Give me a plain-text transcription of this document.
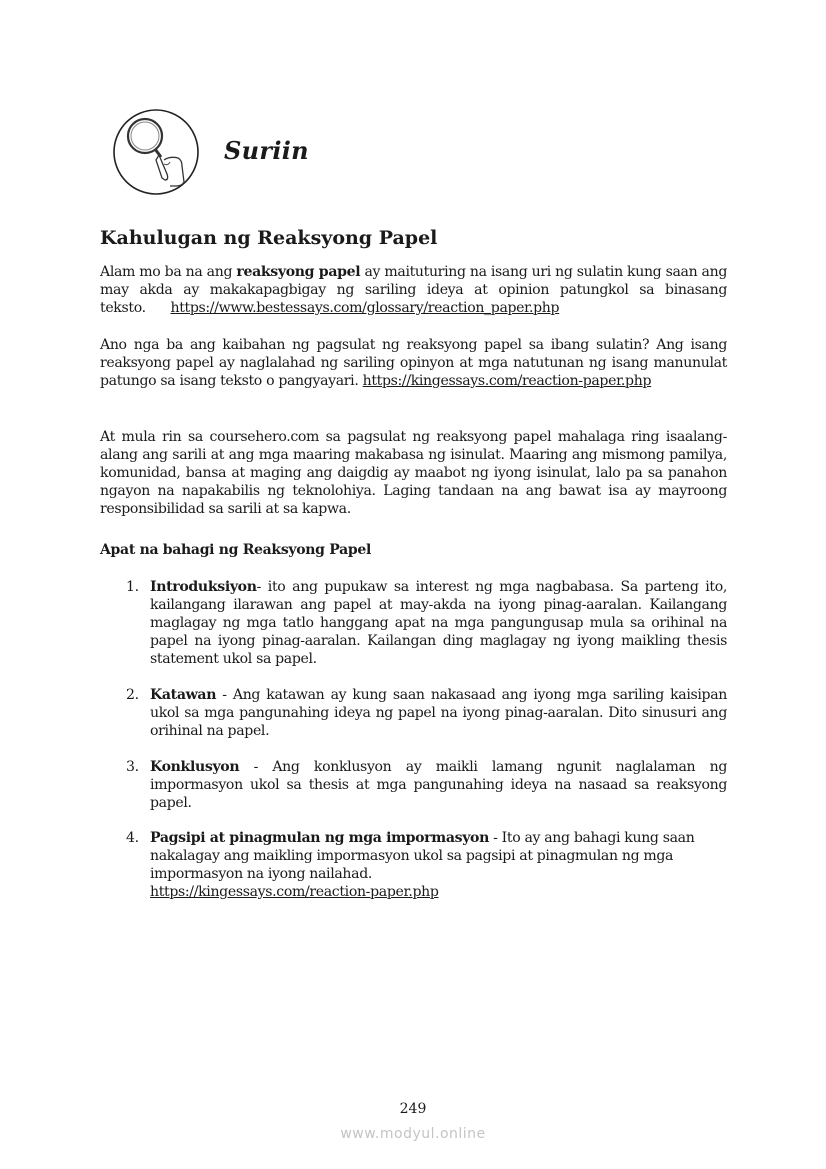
Suriin
Kahulugan ng Reaksyong Papel
Alam mo ba na ang reaksyong papel ay maituturing na isang uri ng sulatin kung saan ang may akda ay makakapagbigay ng sariling ideya at opinion patungkol sa binasang teksto. https://www.bestessays.com/glossary/reaction_paper.php
Ano nga ba ang kaibahan ng pagsulat ng reaksyong papel sa ibang sulatin? Ang isang reaksyong papel ay naglalahad ng sariling opinyon at mga natutunan ng isang manunulat patungo sa isang teksto o pangyayari. https://kingessays.com/reaction-paper.php
At mula rin sa coursehero.com sa pagsulat ng reaksyong papel mahalaga ring isaalang-alang ang sarili at ang mga maaring makabasa ng isinulat. Maaring ang mismong pamilya, komunidad, bansa at maging ang daigdig ay maabot ng iyong isinulat, lalo pa sa panahon ngayon na napakabilis ng teknolohiya. Laging tandaan na ang bawat isa ay mayroong responsibilidad sa sarili at sa kapwa.
Apat na bahagi ng Reaksyong Papel
1. Introduksiyon- ito ang pupukaw sa interest ng mga nagbabasa. Sa parteng ito, kailangang ilarawan ang papel at may-akda na iyong pinag-aaralan. Kailangang maglagay ng mga tatlo hanggang apat na mga pangungusap mula sa orihinal na papel na iyong pinag-aaralan. Kailangan ding maglagay ng iyong maikling thesis statement ukol sa papel.
2. Katawan - Ang katawan ay kung saan nakasaad ang iyong mga sariling kaisipan ukol sa mga pangunahing ideya ng papel na iyong pinag-aaralan. Dito sinusuri ang orihinal na papel.
3. Konklusyon - Ang konklusyon ay maikli lamang ngunit naglalaman ng impormasyon ukol sa thesis at mga pangunahing ideya na nasaad sa reaksyong papel.
4. Pagsipi at pinagmulan ng mga impormasyon - Ito ay ang bahagi kung saan nakalagay ang maikling impormasyon ukol sa pagsipi at pinagmulan ng mga impormasyon na iyong nailahad.
https://kingessays.com/reaction-paper.php
249
www.modyul.online
